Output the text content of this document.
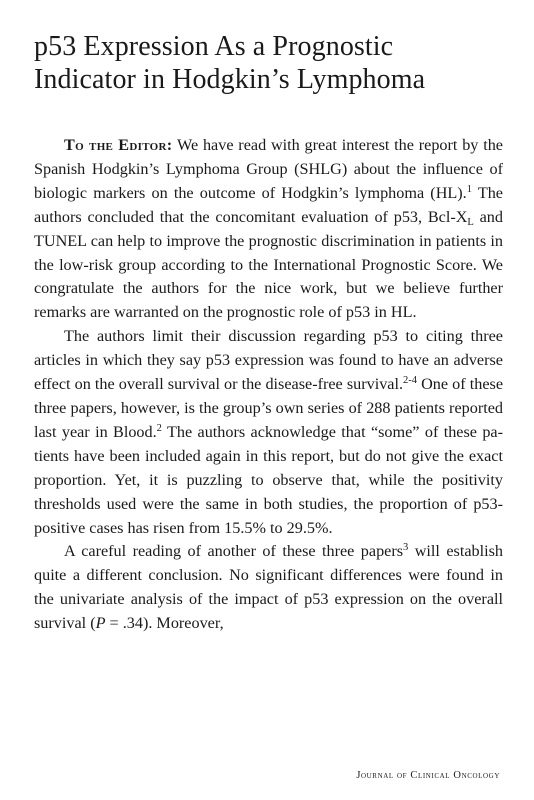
p53 Expression As a Prognostic
Indicator in Hodgkin’s Lymphoma

To the Editor: We have read with great interest the report by the Spanish Hodgkin’s Lymphoma Group (SHLG) about the influence of biologic markers on the outcome of Hodgkin’s lymphoma (HL).$^1$ The authors concluded that the concomitant evaluation of p53, Bcl-$X_L$ and TUNEL can help to improve the prognostic discrimination in patients in the low-risk group according to the International Prognostic Score. We congratulate the authors for the nice work, but we believe further remarks are warranted on the prognostic role of p53 in HL.

The authors limit their discussion regarding p53 to citing three articles in which they say p53 expression was found to have an adverse effect on the overall survival or the disease-free survival.$^{2-4}$ One of these three papers, however, is the group’s own series of 288 patients reported last year in Blood.$^2$ The authors acknowledge that “some” of these patients have been included again in this report, but do not give the exact proportion. Yet, it is puzzling to observe that, while the positivity thresholds used were the same in both studies, the proportion of p53-positive cases has risen from 15.5% to 29.5%.

A careful reading of another of these three papers$^3$ will establish quite a different conclusion. No significant differences were found in the univariate analysis of the impact of p53 expression on the overall survival (P = .34). Moreover,

Journal of Clinical Oncology
